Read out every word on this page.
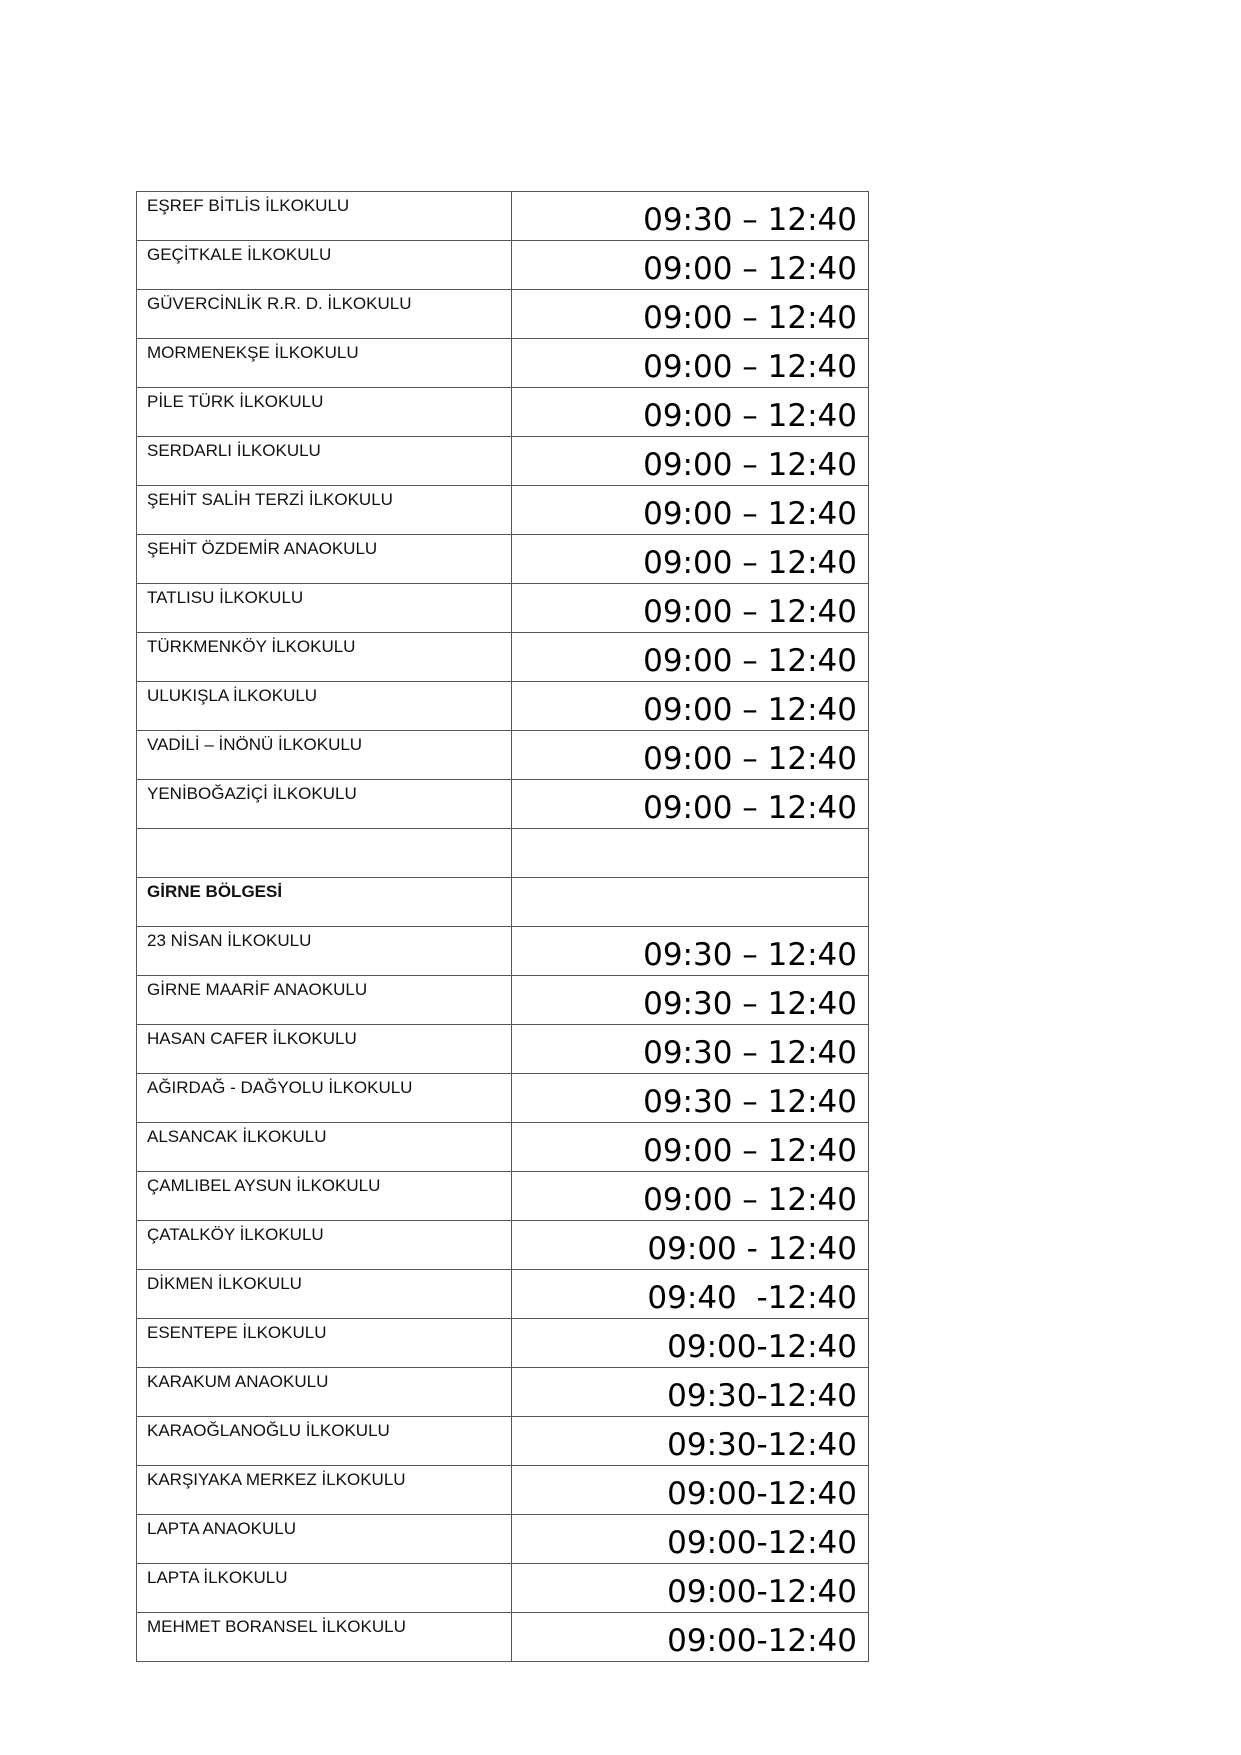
EŞREF BİTLİS İLKOKULU	09:30 – 12:40
GEÇİTKALE İLKOKULU	09:00 – 12:40
GÜVERCİNLİK R.R. D. İLKOKULU	09:00 – 12:40
MORMENEKŞE İLKOKULU	09:00 – 12:40
PİLE TÜRK İLKOKULU	09:00 – 12:40
SERDARLI İLKOKULU	09:00 – 12:40
ŞEHİT SALİH TERZİ İLKOKULU	09:00 – 12:40
ŞEHİT ÖZDEMİR ANAOKULU	09:00 – 12:40
TATLISU İLKOKULU	09:00 – 12:40
TÜRKMENKÖY İLKOKULU	09:00 – 12:40
ULUKIŞLA İLKOKULU	09:00 – 12:40
VADİLİ – İNÖNÜ İLKOKULU	09:00 – 12:40
YENİBOĞAZİÇİ İLKOKULU	09:00 – 12:40

GİRNE BÖLGESİ	
23 NİSAN İLKOKULU	09:30 – 12:40
GİRNE MAARİF ANAOKULU	09:30 – 12:40
HASAN CAFER İLKOKULU	09:30 – 12:40
AĞIRDAĞ - DAĞYOLU İLKOKULU	09:30 – 12:40
ALSANCAK İLKOKULU	09:00 – 12:40
ÇAMLIBEL AYSUN İLKOKULU	09:00 – 12:40
ÇATALKÖY İLKOKULU	09:00 - 12:40
DİKMEN İLKOKULU	09:40  -12:40
ESENTEPE İLKOKULU	09:00-12:40
KARAKUM ANAOKULU	09:30-12:40
KARAOĞLANOĞLU İLKOKULU	09:30-12:40
KARŞIYAKA MERKEZ İLKOKULU	09:00-12:40
LAPTA ANAOKULU	09:00-12:40
LAPTA İLKOKULU	09:00-12:40
MEHMET BORANSEL İLKOKULU	09:00-12:40
